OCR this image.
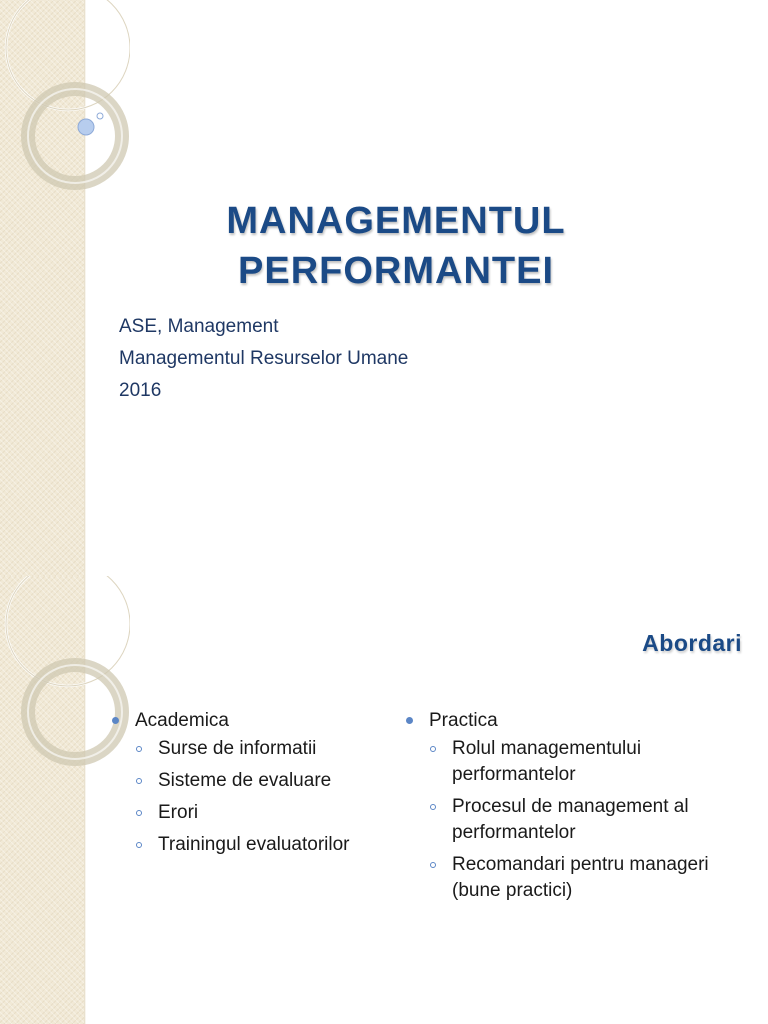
MANAGEMENTUL
PERFORMANTEI
ASE, Management
Managementul Resurselor Umane
2016
Abordari
Academica
Surse de informatii
Sisteme de evaluare
Erori
Trainingul evaluatorilor
Practica
Rolul managementului
performantelor
Procesul de management al
performantelor
Recomandari pentru manageri
(bune practici)
